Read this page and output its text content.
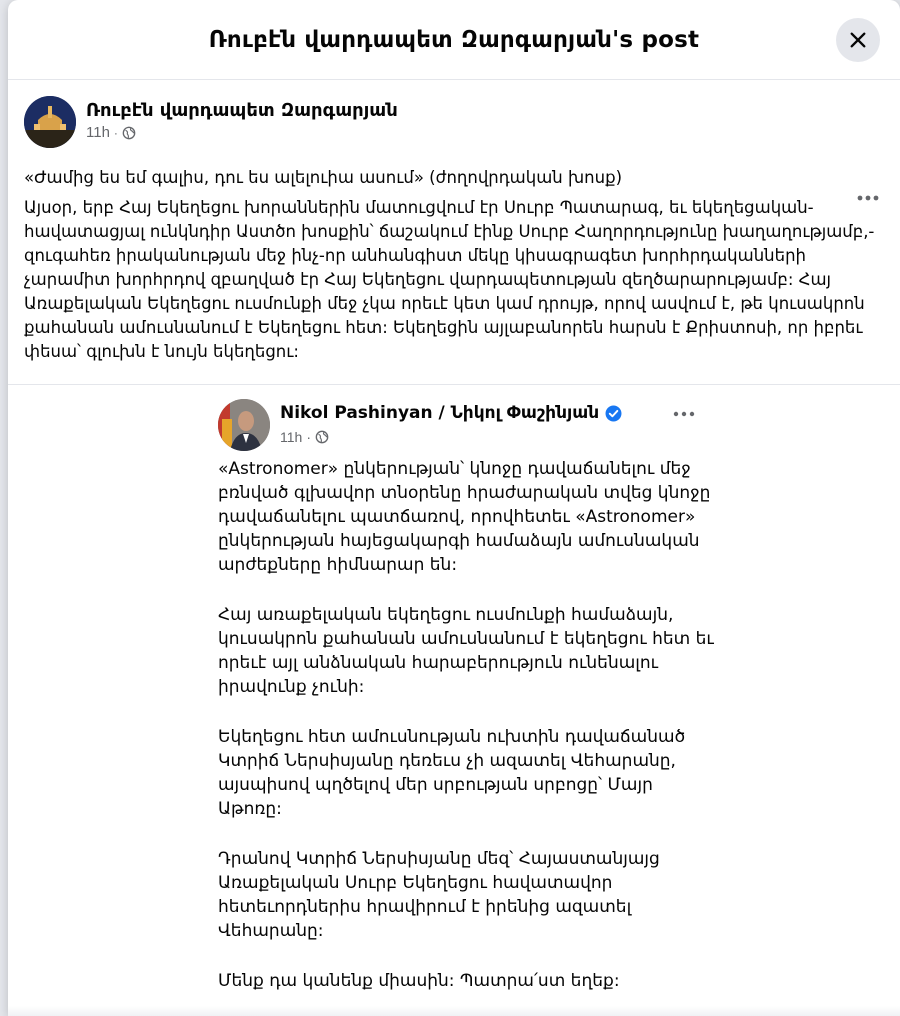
Ռուբէն վարդապետ Զարգարյան's post
Ռուբէն վարդապետ Զարգարյան
11h ·

«Ժամից ես եմ գալիս, դու ես ալելուիա ասում» (ժողովրդական խոսք)

Այսօր, երբ Հայ Եկեղեցու խորաններին մատուցվում էր Սուրբ Պատարագ, եւ եկեղեցական-հավատացյալ ունկնդիր Աստծո խոսքին՝ ճաշակում էինք Սուրբ Հաղորդությունը խաղաղությամբ,-զուգահեռ իրականության մեջ ինչ-որ անհանգիստ մեկը կիսագրագետ խորհրդականների չարամիտ խորհրդով զբաղված էր Հայ Եկեղեցու վարդապետության զեղծարարությամբ: Հայ Առաքելական Եկեղեցու ուսմունքի մեջ չկա որեւէ կետ կամ դրույթ, որով ասվում է, թե կուսակրոն քահանան ամուսնանում է Եկեղեցու հետ: Եկեղեցին այլաբանորեն հարսն է Քրիստոսի, որ իբրեւ փեսա՝ գլուխն է նույն եկեղեցու:

Nikol Pashinyan / Նիկոլ Փաշինյան
11h ·

«Astronomer» ընկերության՝ կնոջը դավաճանելու մեջ բռնված գլխավոր տնօրենը հրաժարական տվեց կնոջը դավաճանելու պատճառով, որովհետեւ «Astronomer» ընկերության հայեցակարգի համաձայն ամուսնական արժեքները հիմնարար են:

Հայ առաքելական եկեղեցու ուսմունքի համաձայն, կուսակրոն քահանան ամուսնանում է եկեղեցու հետ եւ որեւէ այլ անձնական հարաբերություն ունենալու իրավունք չունի:

Եկեղեցու հետ ամուսնության ուխտին դավաճանած Կտրիճ Ներսիսյանը դեռեւս չի ազատել Վեհարանը, այսպիսով պղծելով մեր սրբության սրբոցը՝ Մայր Աթոռը:

Դրանով Կտրիճ Ներսիսյանը մեզ՝ Հայաստանյայց Առաքելական Սուրբ Եկեղեցու հավատավոր հետեւորդներիս հրավիրում է իրենից ազատել Վեհարանը:

Մենք դա կանենք միասին: Պատրա՛ստ եղեք:
